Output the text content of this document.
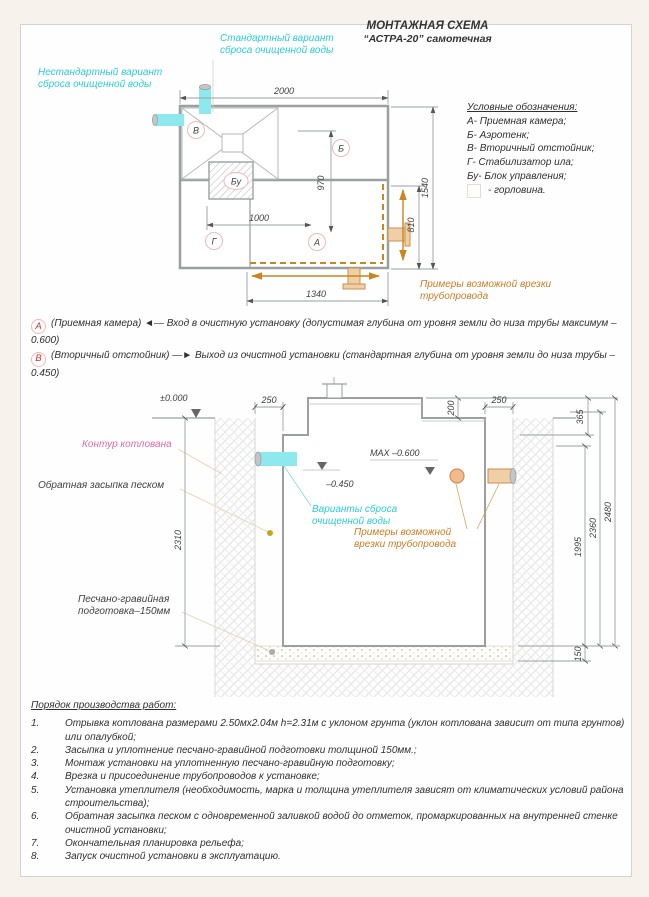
2000
970
1000
1540
810
1340
В
Б
Бу
Г	А
±0.000	250	250
200
365
2310	1995
2360
2480
150
MAX –0.600
–0.450
МОНТАЖНАЯ СХЕМА
“АСТРА-20” самотечная
Стандартный вариант
сброса очищенной воды
Нестандартный вариант
сброса очищенной воды
Условные обозначения:
А- Приемная камера;
Б- Аэротенк;
В- Вторичный отстойник;
Г- Стабилизатор ила;
Бу- Блок управления;
- горловина.
Примеры возможной врезки
трубопровода
А (Приемная камера) ◄— Вход в очистную установку (допустимая глубина от уровня земли до низа трубы максимум –0.600)
В (Вторичный отстойник) —► Выход из очистной установки (стандартная глубина от уровня земли до низа трубы –0.450)
Контур котлована
Обратная засыпка песком
Песчано-гравийная
подготовка–150мм
Варианты сброса
очищенной воды
Примеры возможной
врезки трубопровода
Порядок производства работ:
1.	Отрывка котлована размерами 2.50мх2.04м h=2.31м с уклоном грунта (уклон котлована зависит от типа грунтов) или опалубкой;
2.	Засыпка и уплотнение песчано-гравийной подготовки толщиной 150мм.;
3.	Монтаж установки на уплотненную песчано-гравийную подготовку;
4.	Врезка и присоединение трубопроводов к установке;
5.	Установка утеплителя (необходимость, марка и толщина утеплителя зависят от климатических условий района строительства);
6.	Обратная засыпка песком с одновременной заливкой водой до отметок, промаркированных на внутренней стенке очистной установки;
7.	Окончательная планировка рельефа;
8.	Запуск очистной установки в эксплуатацию.
